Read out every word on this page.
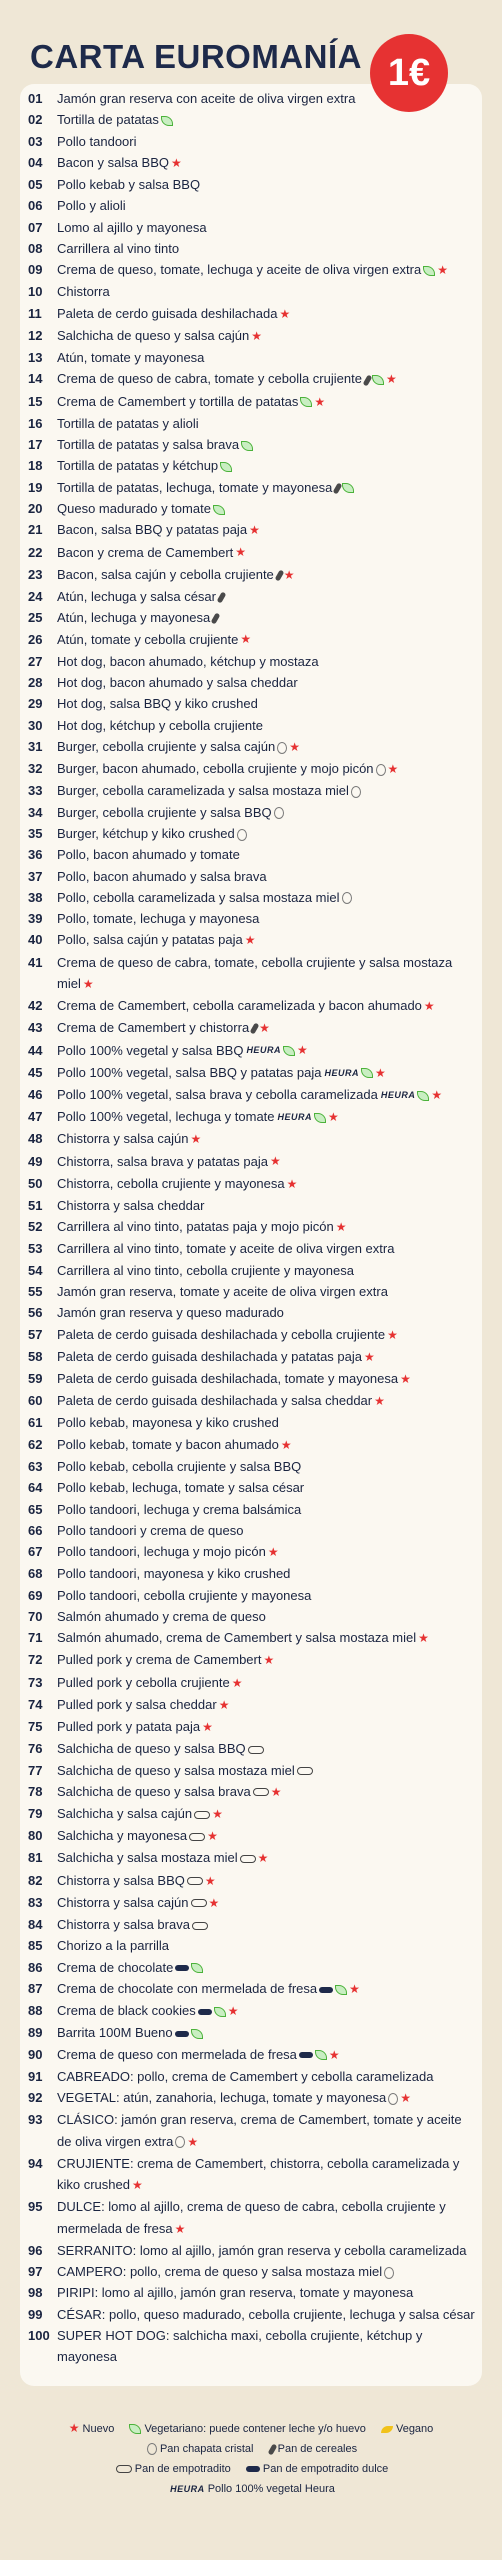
CARTA EUROMANÍA 1€
01	Jamón gran reserva con aceite de oliva virgen extra
02	Tortilla de patatas
03	Pollo tandoori
04	Bacon y salsa BBQ ★
05	Pollo kebab y salsa BBQ
06	Pollo y alioli
07	Lomo al ajillo y mayonesa
08	Carrillera al vino tinto
09	Crema de queso, tomate, lechuga y aceite de oliva virgen extra ★
10	Chistorra
11	Paleta de cerdo guisada deshilachada ★
12	Salchicha de queso y salsa cajún ★
13	Atún, tomate y mayonesa
14	Crema de queso de cabra, tomate y cebolla crujiente ★
15	Crema de Camembert y tortilla de patatas ★
16	Tortilla de patatas y alioli
17	Tortilla de patatas y salsa brava
18	Tortilla de patatas y kétchup
19	Tortilla de patatas, lechuga, tomate y mayonesa
20	Queso madurado y tomate
21	Bacon, salsa BBQ y patatas paja ★
22	Bacon y crema de Camembert ★
23	Bacon, salsa cajún y cebolla crujiente ★
24	Atún, lechuga y salsa césar
25	Atún, lechuga y mayonesa
26	Atún, tomate y cebolla crujiente ★
27	Hot dog, bacon ahumado, kétchup y mostaza
28	Hot dog, bacon ahumado y salsa cheddar
29	Hot dog, salsa BBQ y kiko crushed
30	Hot dog, kétchup y cebolla crujiente
31	Burger, cebolla crujiente y salsa cajún ★
32	Burger, bacon ahumado, cebolla crujiente y mojo picón ★
33	Burger, cebolla caramelizada y salsa mostaza miel
34	Burger, cebolla crujiente y salsa BBQ
35	Burger, kétchup y kiko crushed
36	Pollo, bacon ahumado y tomate
37	Pollo, bacon ahumado y salsa brava
38	Pollo, cebolla caramelizada y salsa mostaza miel
39	Pollo, tomate, lechuga y mayonesa
40	Pollo, salsa cajún y patatas paja ★
41	Crema de queso de cabra, tomate, cebolla crujiente y salsa mostaza miel ★
42	Crema de Camembert, cebolla caramelizada y bacon ahumado ★
43	Crema de Camembert y chistorra ★
44	Pollo 100% vegetal y salsa BBQ HEURA ★
45	Pollo 100% vegetal, salsa BBQ y patatas paja HEURA ★
46	Pollo 100% vegetal, salsa brava y cebolla caramelizada HEURA ★
47	Pollo 100% vegetal, lechuga y tomate HEURA ★
48	Chistorra y salsa cajún ★
49	Chistorra, salsa brava y patatas paja ★
50	Chistorra, cebolla crujiente y mayonesa ★
51	Chistorra y salsa cheddar
52	Carrillera al vino tinto, patatas paja y mojo picón ★
53	Carrillera al vino tinto, tomate y aceite de oliva virgen extra
54	Carrillera al vino tinto, cebolla crujiente y mayonesa
55	Jamón gran reserva, tomate y aceite de oliva virgen extra
56	Jamón gran reserva y queso madurado
57	Paleta de cerdo guisada deshilachada y cebolla crujiente ★
58	Paleta de cerdo guisada deshilachada y patatas paja ★
59	Paleta de cerdo guisada deshilachada, tomate y mayonesa ★
60	Paleta de cerdo guisada deshilachada y salsa cheddar ★
61	Pollo kebab, mayonesa y kiko crushed
62	Pollo kebab, tomate y bacon ahumado ★
63	Pollo kebab, cebolla crujiente y salsa BBQ
64	Pollo kebab, lechuga, tomate y salsa césar
65	Pollo tandoori, lechuga y crema balsámica
66	Pollo tandoori y crema de queso
67	Pollo tandoori, lechuga y mojo picón ★
68	Pollo tandoori, mayonesa y kiko crushed
69	Pollo tandoori, cebolla crujiente y mayonesa
70	Salmón ahumado y crema de queso
71	Salmón ahumado, crema de Camembert y salsa mostaza miel ★
72	Pulled pork y crema de Camembert ★
73	Pulled pork y cebolla crujiente ★
74	Pulled pork y salsa cheddar ★
75	Pulled pork y patata paja ★
76	Salchicha de queso y salsa BBQ
77	Salchicha de queso y salsa mostaza miel
78	Salchicha de queso y salsa brava ★
79	Salchicha y salsa cajún ★
80	Salchicha y mayonesa ★
81	Salchicha y salsa mostaza miel ★
82	Chistorra y salsa BBQ ★
83	Chistorra y salsa cajún ★
84	Chistorra y salsa brava
85	Chorizo a la parrilla
86	Crema de chocolate
87	Crema de chocolate con mermelada de fresa	★
88	Crema de black cookies	★
89	Barrita 100M Bueno
90	Crema de queso con mermelada de fresa	★
91	CABREADO: pollo, crema de Camembert y cebolla caramelizada
92	VEGETAL: atún, zanahoria, lechuga, tomate y mayonesa ★
93	CLÁSICO: jamón gran reserva, crema de Camembert, tomate y aceite de oliva virgen extra ★
94	CRUJIENTE: crema de Camembert, chistorra, cebolla caramelizada y kiko crushed ★
95	DULCE: lomo al ajillo, crema de queso de cabra, cebolla crujiente y mermelada de fresa ★
96	SERRANITO: lomo al ajillo, jamón gran reserva y cebolla caramelizada
97	CAMPERO: pollo, crema de queso y salsa mostaza miel
98	PIRIPI: lomo al ajillo, jamón gran reserva, tomate y mayonesa
99	CÉSAR: pollo, queso madurado, cebolla crujiente, lechuga y salsa césar
100 SUPER HOT DOG: salchicha maxi, cebolla crujiente, kétchup y mayonesa
★ Nuevo	Vegetariano: puede contener leche y/o huevo	Vegano
Pan chapata cristal Pan de cereales
Pan de empotradito	Pan de empotradito dulce
HEURA Pollo 100% vegetal Heura
